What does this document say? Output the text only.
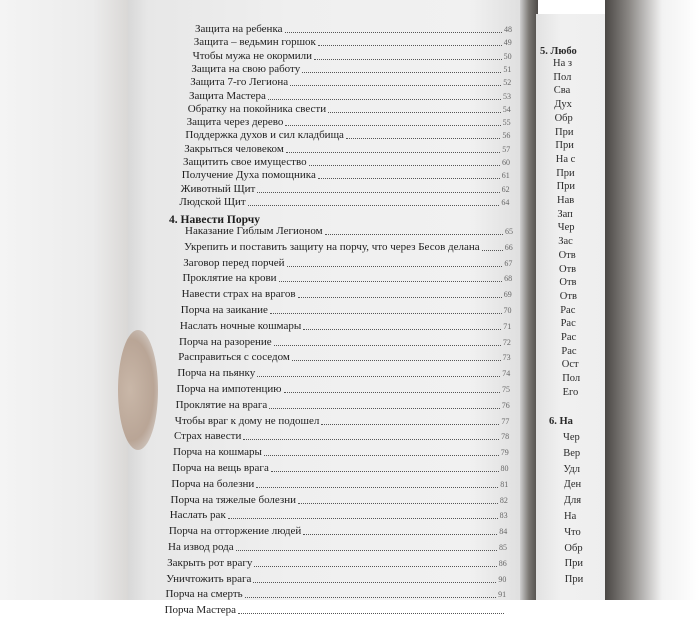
Защита на ребенка	48
Защита – ведьмин горшок	49
Чтобы мужа не окормили	50
Защита на свою работу	51
Защита 7-го Легиона	52
Защита Мастера	53
Обратку на покойника свести	54
Защита через дерево	55
Поддержка духов и сил кладбища	56
Закрыться человеком	57
Защитить свое имущество	60
Получение Духа помощника	61
Животный Щит	62
Людской Щит	64
4. Навести Порчу
Наказание Гиблым Легионом	65
Укрепить и поставить защиту на порчу, что через Бесов делана	66
Заговор перед порчей	67
Проклятие на крови	68
Навести страх на врагов	69
Порча на заикание	70
Наслать ночные кошмары	71
Порча на разорение	72
Расправиться с соседом	73
Порча на пьянку	74
Порча на импотенцию	75
Проклятие на врага	76
Чтобы враг к дому не подошел	77
Страх навести	78
Порча на кошмары	79
Порча на вещь врага	80
Порча на болезни	81
Порча на тяжелые болезни	82
Наслать рак	83
Порча на отторжение людей	84
На извод рода	85
Закрыть рот врагу	86
Уничтожить врага	90
Порча на смерть	91
Порча Мастера
5. Любо
На з
Пол
Сва
Дух
Обр
При
При
На с
При
При
Нав
Зап
Чер
Зас
Отв
Отв
Отв
Отв
Рас
Рас
Рас
Рас
Ост
Пол
Его
6. На
Чер
Вер
Удл
Ден
Для
На
Что
Обр
При
При
